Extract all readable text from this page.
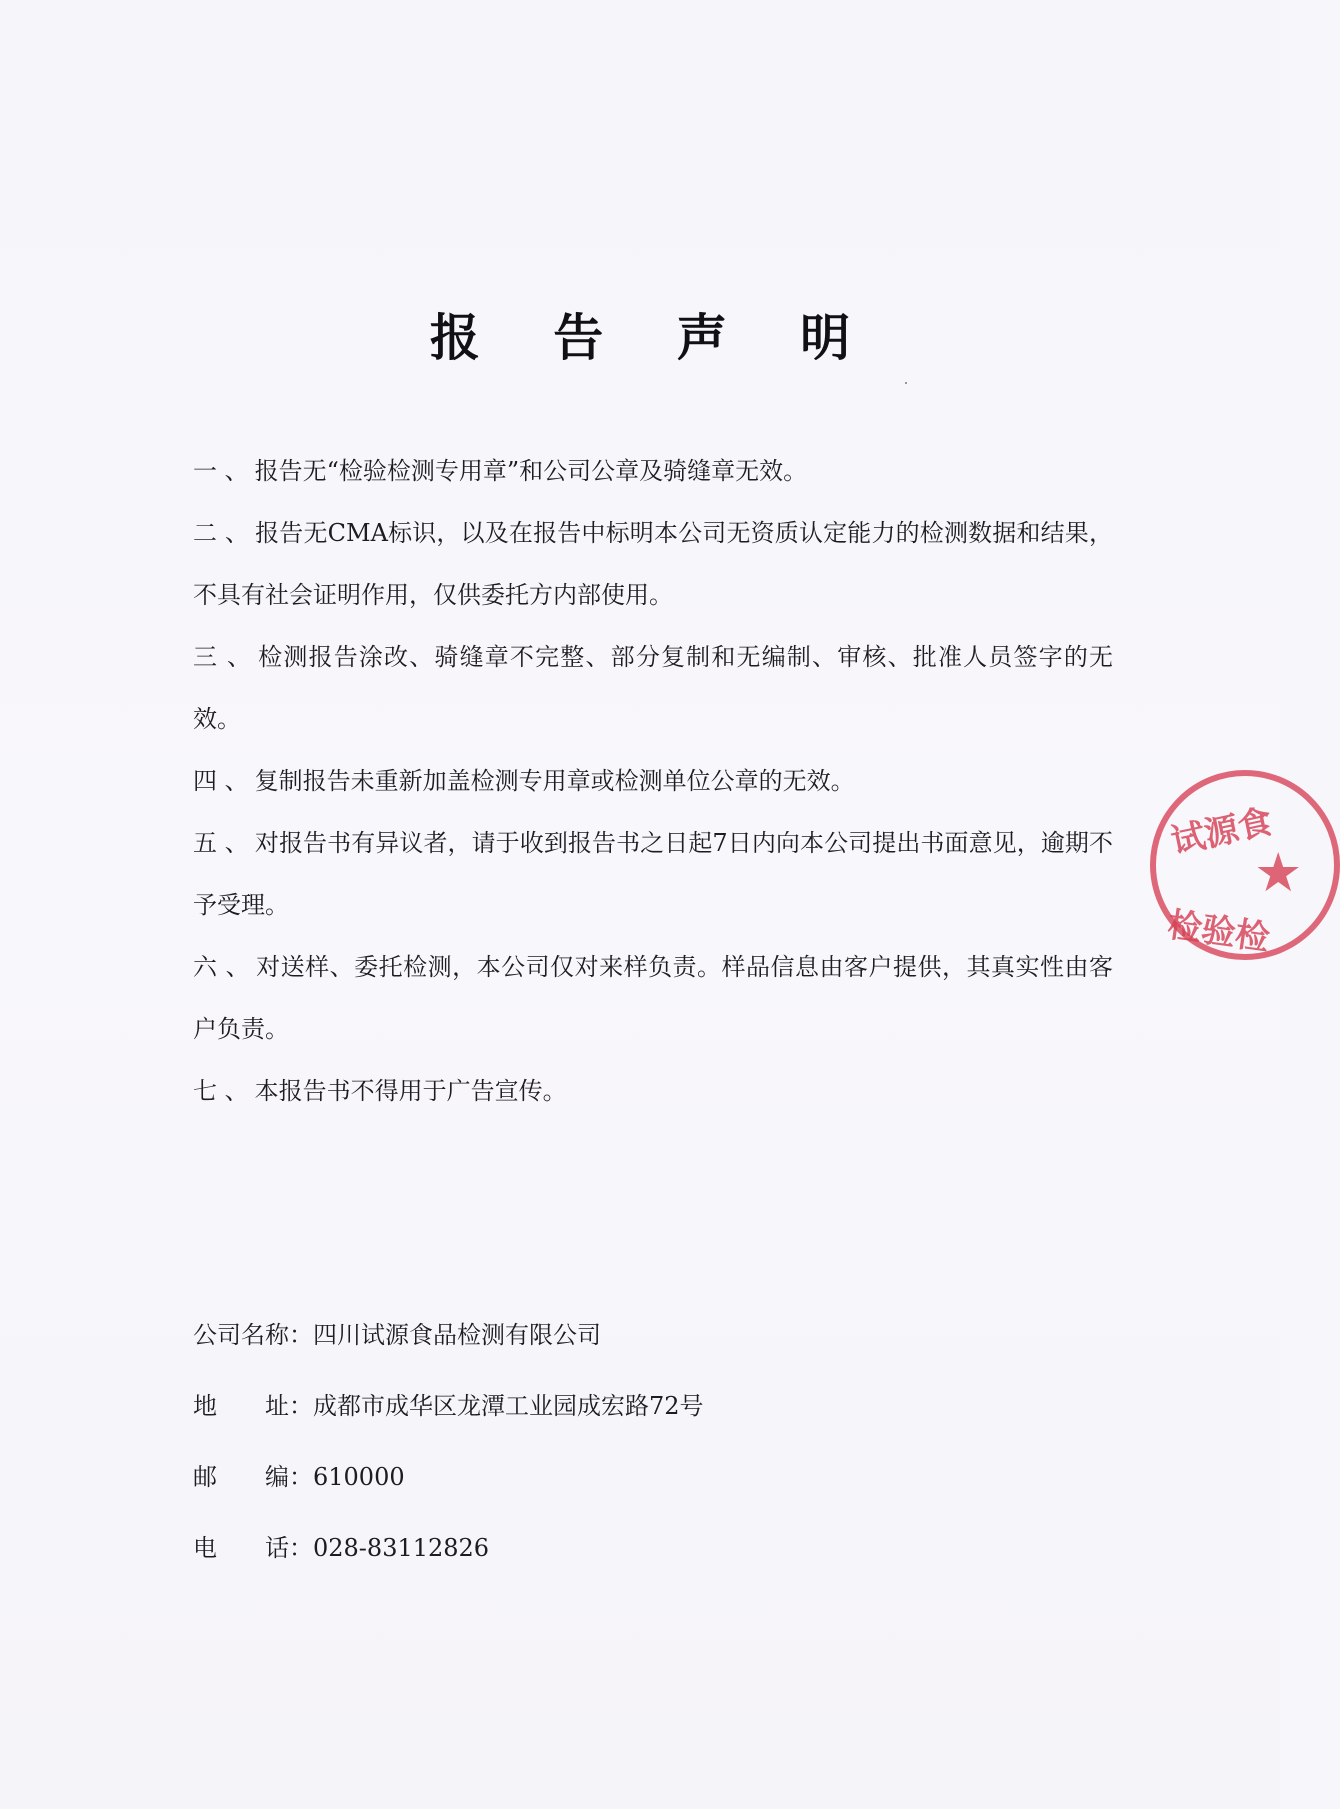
报 告 声 明

一 、 报告无“检验检测专用章”和公司公章及骑缝章无效。

二 、 报告无CMA标识，以及在报告中标明本公司无资质认定能力的检测数据和结果，不具有社会证明作用，仅供委托方内部使用。

三 、 检测报告涂改、骑缝章不完整、部分复制和无编制、审核、批准人员签字的无效。

四 、 复制报告未重新加盖检测专用章或检测单位公章的无效。

五 、 对报告书有异议者，请于收到报告书之日起7日内向本公司提出书面意见，逾期不予受理。

六 、 对送样、委托检测，本公司仅对来样负责。样品信息由客户提供，其真实性由客户负责。

七 、 本报告书不得用于广告宣传。

公司名称：四川试源食品检测有限公司
地 址：成都市成华区龙潭工业园成宏路72号
邮 编：610000
电 话：028-83112826
试源食
★
检验检
